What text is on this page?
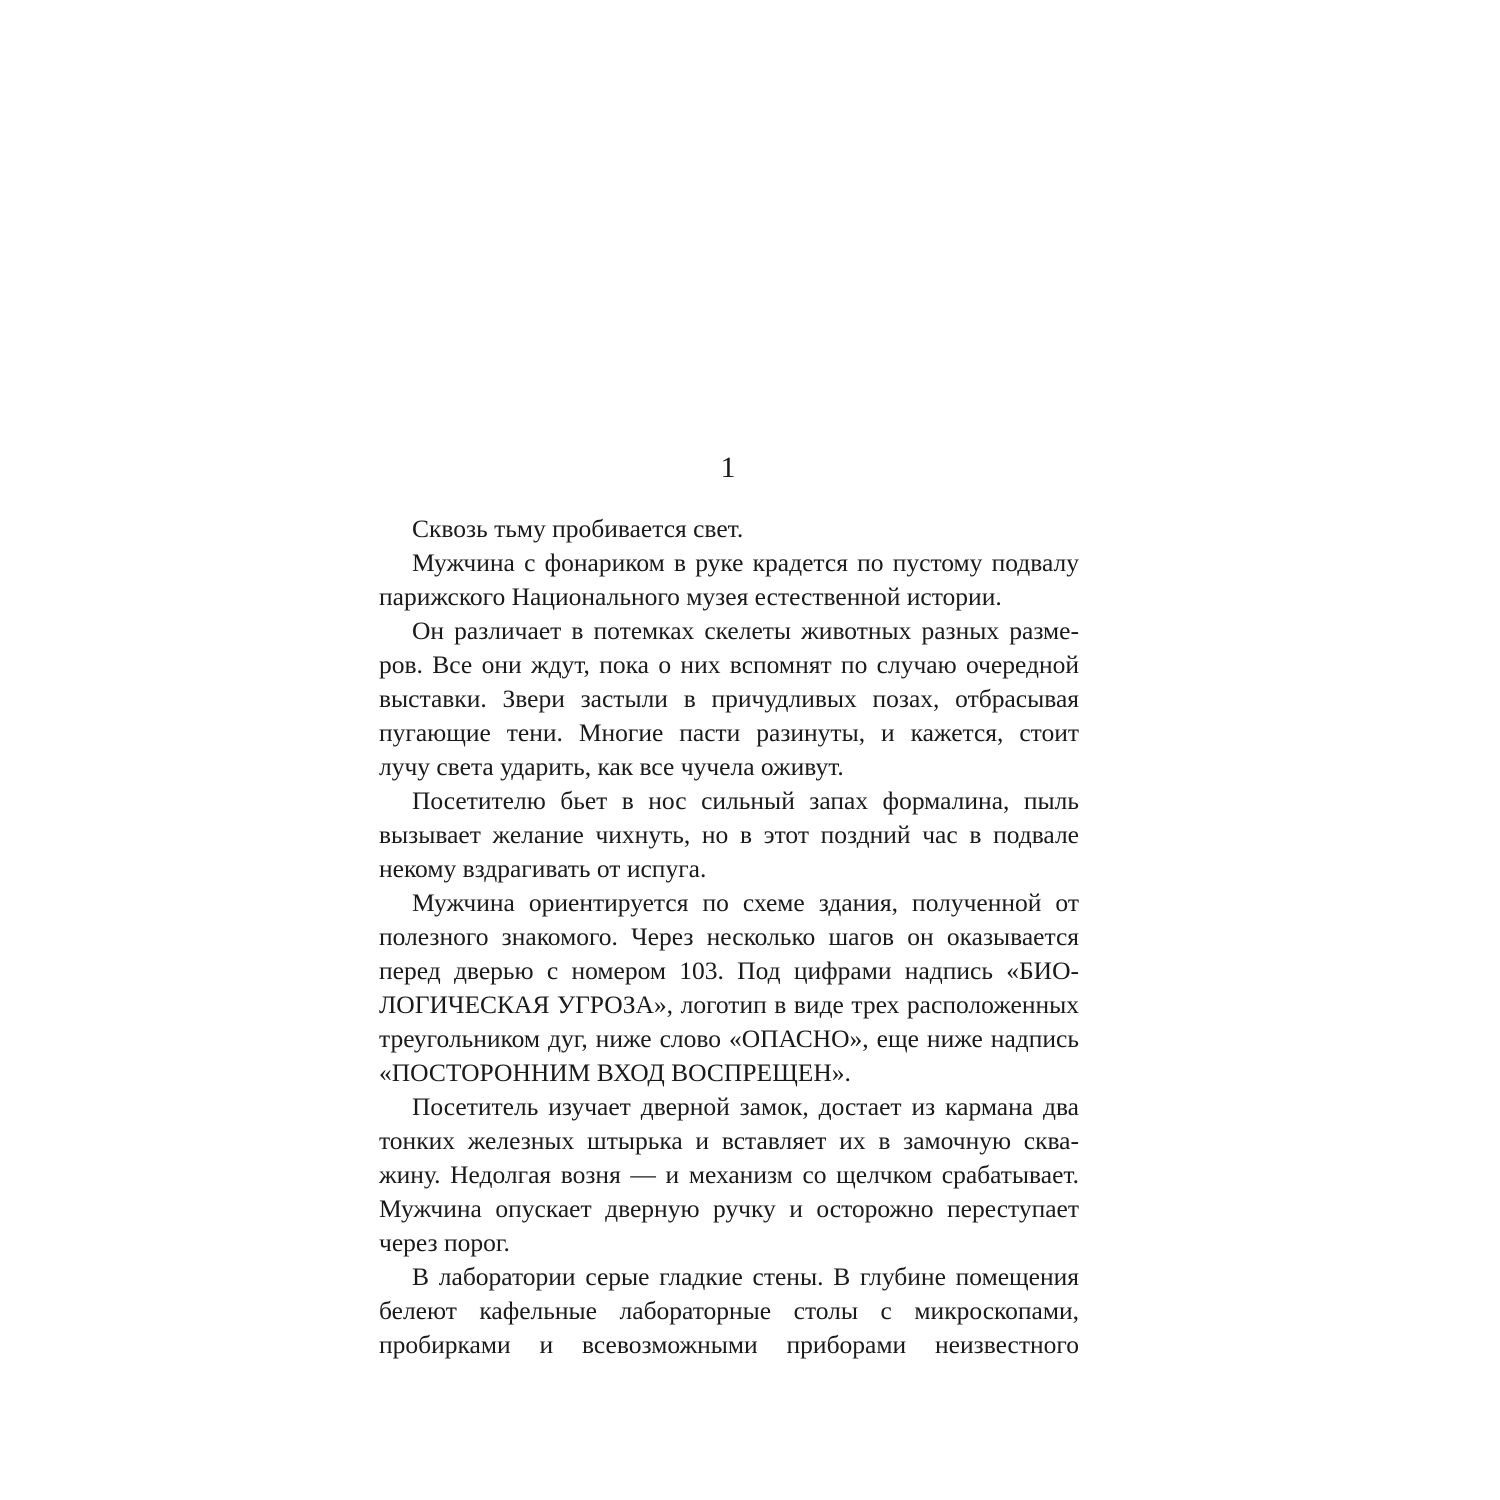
1

Сквозь тьму пробивается свет.

Мужчина с фонариком в руке крадется по пустому подвалу
парижского Национального музея естественной истории.

Он различает в потемках скелеты животных разных разме-
ров. Все они ждут, пока о них вспомнят по случаю очередной
выставки. Звери застыли в причудливых позах, отбрасывая
пугающие тени. Многие пасти разинуты, и кажется, стоит
лучу света ударить, как все чучела оживут.

Посетителю бьет в нос сильный запах формалина, пыль
вызывает желание чихнуть, но в этот поздний час в подвале
некому вздрагивать от испуга.

Мужчина ориентируется по схеме здания, полученной от
полезного знакомого. Через несколько шагов он оказывается
перед дверью с номером 103. Под цифрами надпись «БИО-
ЛОГИЧЕСКАЯ УГРОЗА», логотип в виде трех расположенных
треугольником дуг, ниже слово «ОПАСНО», еще ниже надпись
«ПОСТОРОННИМ ВХОД ВОСПРЕЩЕН».

Посетитель изучает дверной замок, достает из кармана два
тонких железных штырька и вставляет их в замочную сква-
жину. Недолгая возня — и механизм со щелчком срабатывает.
Мужчина опускает дверную ручку и осторожно переступает
через порог.

В лаборатории серые гладкие стены. В глубине помещения
белеют кафельные лабораторные столы с микроскопами,
пробирками и всевозможными приборами неизвестного
